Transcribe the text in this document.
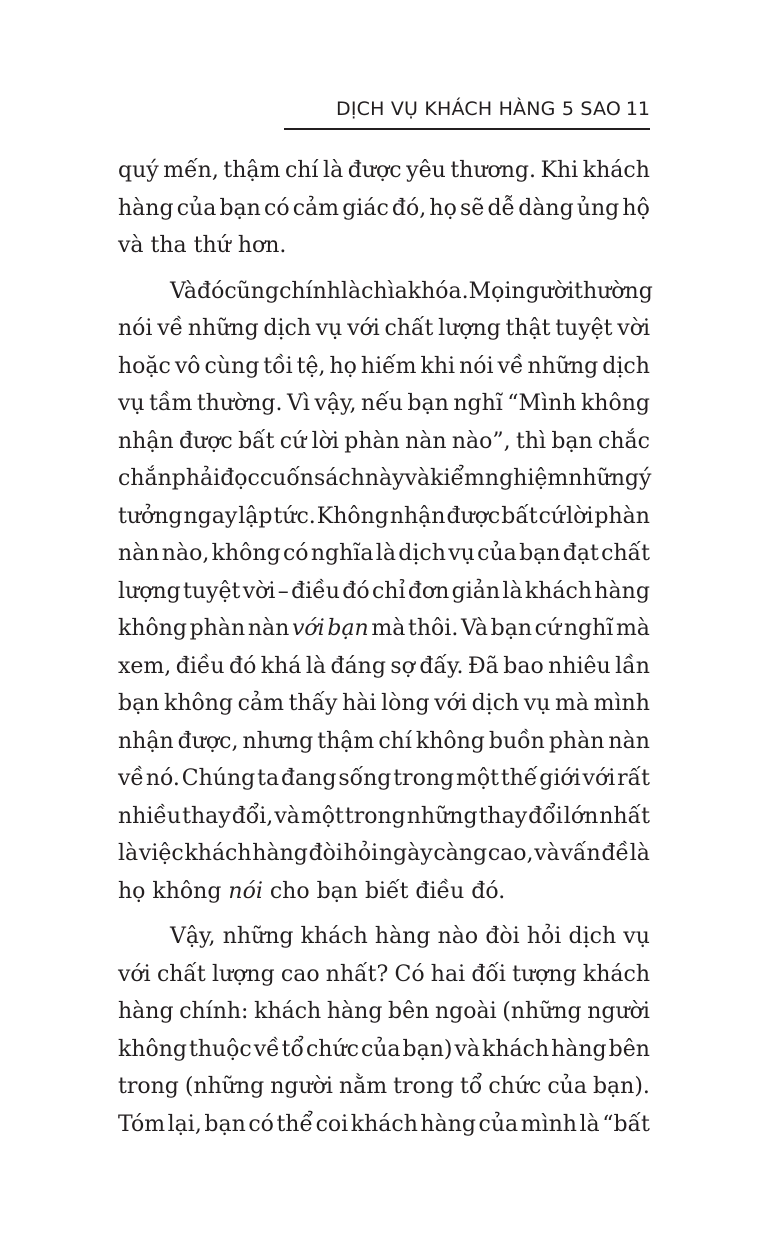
DỊCH VỤ KHÁCH HÀNG 5 SAO 11
quý mến, thậm chí là được yêu thương. Khi khách
hàng của bạn có cảm giác đó, họ sẽ dễ dàng ủng hộ
và tha thứ hơn.
Và đó cũng chính là chìa khóa. Mọi người thường
nói về những dịch vụ với chất lượng thật tuyệt vời
hoặc vô cùng tồi tệ, họ hiếm khi nói về những dịch
vụ tầm thường. Vì vậy, nếu bạn nghĩ “Mình không
nhận được bất cứ lời phàn nàn nào”, thì bạn chắc
chắn phải đọc cuốn sách này và kiểm nghiệm những ý
tưởng ngay lập tức. Không nhận được bất cứ lời phàn
nàn nào, không có nghĩa là dịch vụ của bạn đạt chất
lượng tuyệt vời – điều đó chỉ đơn giản là khách hàng
không phàn nàn với bạn mà thôi. Và bạn cứ nghĩ mà
xem, điều đó khá là đáng sợ đấy. Đã bao nhiêu lần
bạn không cảm thấy hài lòng với dịch vụ mà mình
nhận được, nhưng thậm chí không buồn phàn nàn
về nó. Chúng ta đang sống trong một thế giới với rất
nhiều thay đổi, và một trong những thay đổi lớn nhất
là việc khách hàng đòi hỏi ngày càng cao, và vấn đề là
họ không nói cho bạn biết điều đó.
Vậy, những khách hàng nào đòi hỏi dịch vụ
với chất lượng cao nhất? Có hai đối tượng khách
hàng chính: khách hàng bên ngoài (những người
không thuộc về tổ chức của bạn) và khách hàng bên
trong (những người nằm trong tổ chức của bạn).
Tóm lại, bạn có thể coi khách hàng của mình là “bất
